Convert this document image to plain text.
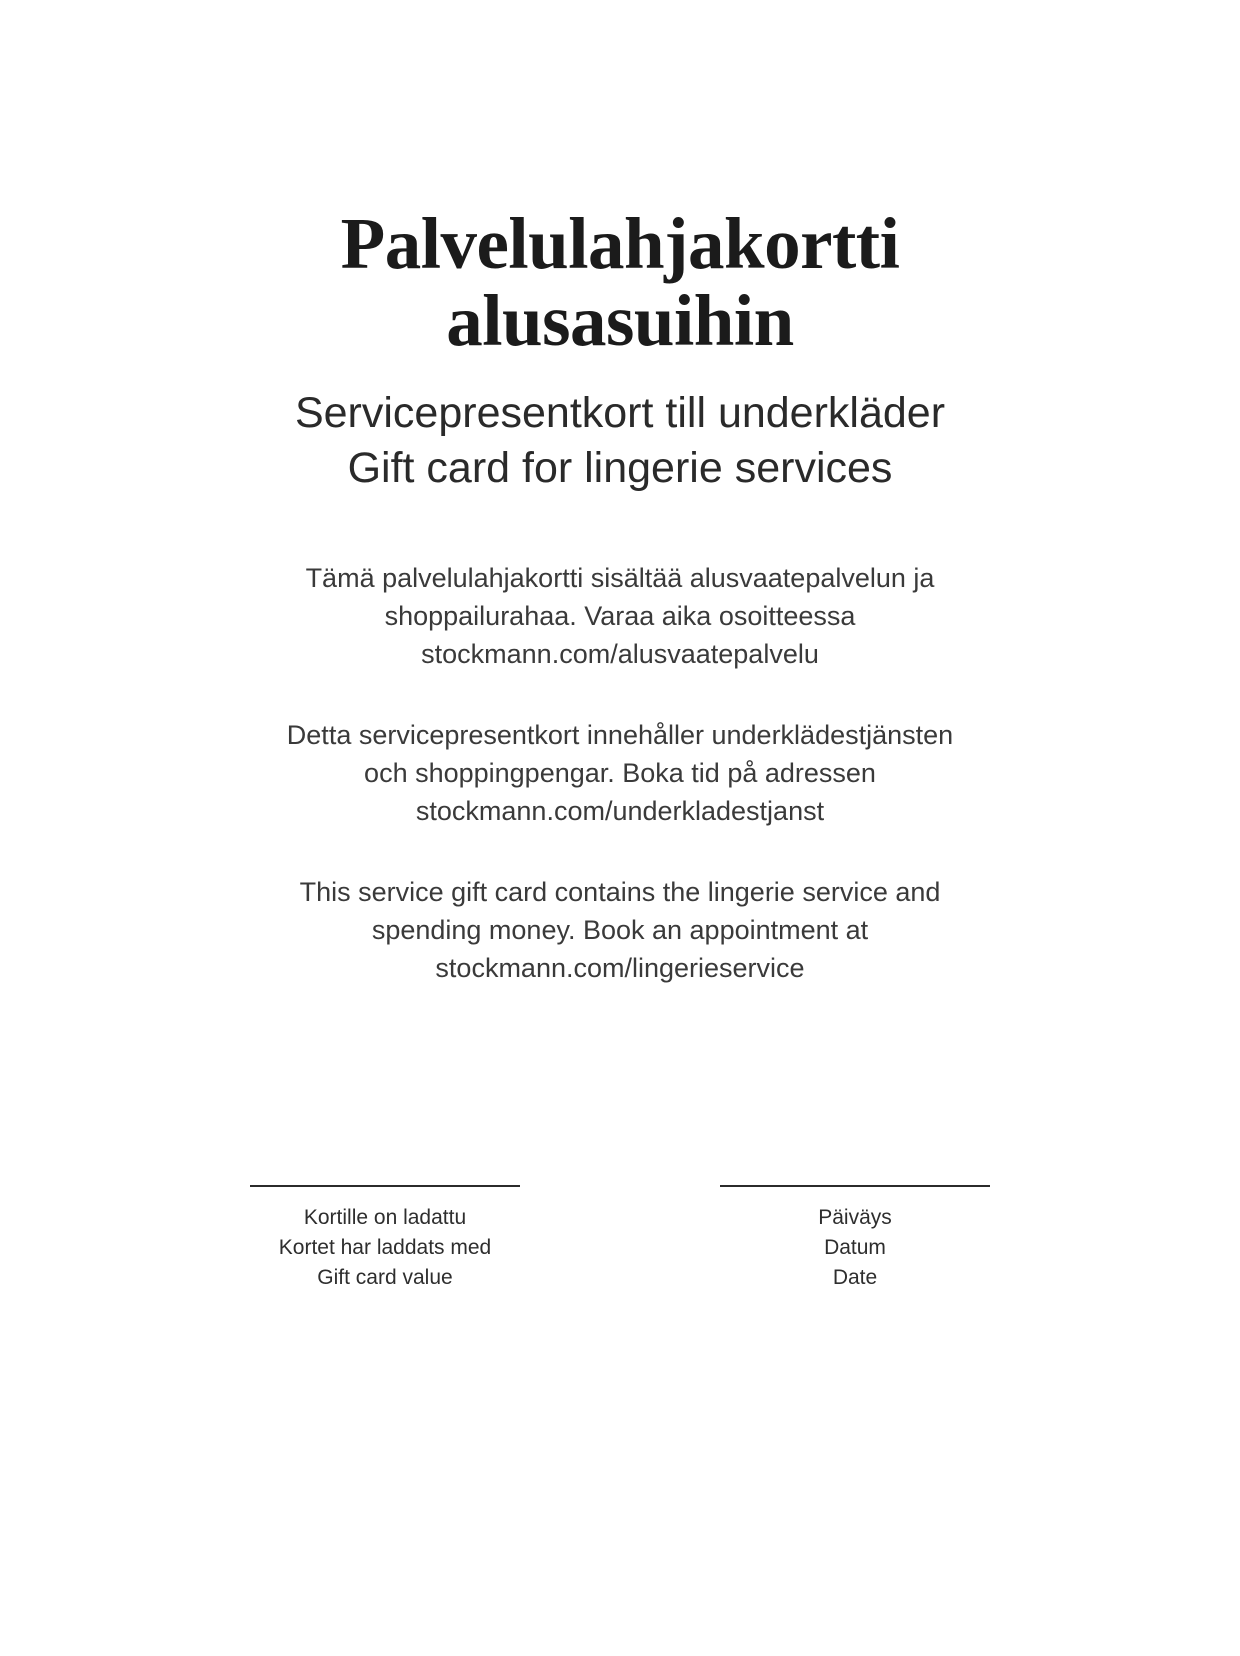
Palvelulahjakortti
alusasuihin

Servicepresentkort till underkläder

Gift card for lingerie services

Tämä palvelulahjakortti sisältää alusvaatepalvelun ja shoppailurahaa. Varaa aika osoitteessa stockmann.com/alusvaatepalvelu

Detta servicepresentkort innehåller underklädestjänsten och shoppingpengar. Boka tid på adressen stockmann.com/underkladestjanst

This service gift card contains the lingerie service and spending money. Book an appointment at stockmann.com/lingerieservice

Kortille on ladattu
Kortet har laddats med
Gift card value
Päiväys
Datum
Date
